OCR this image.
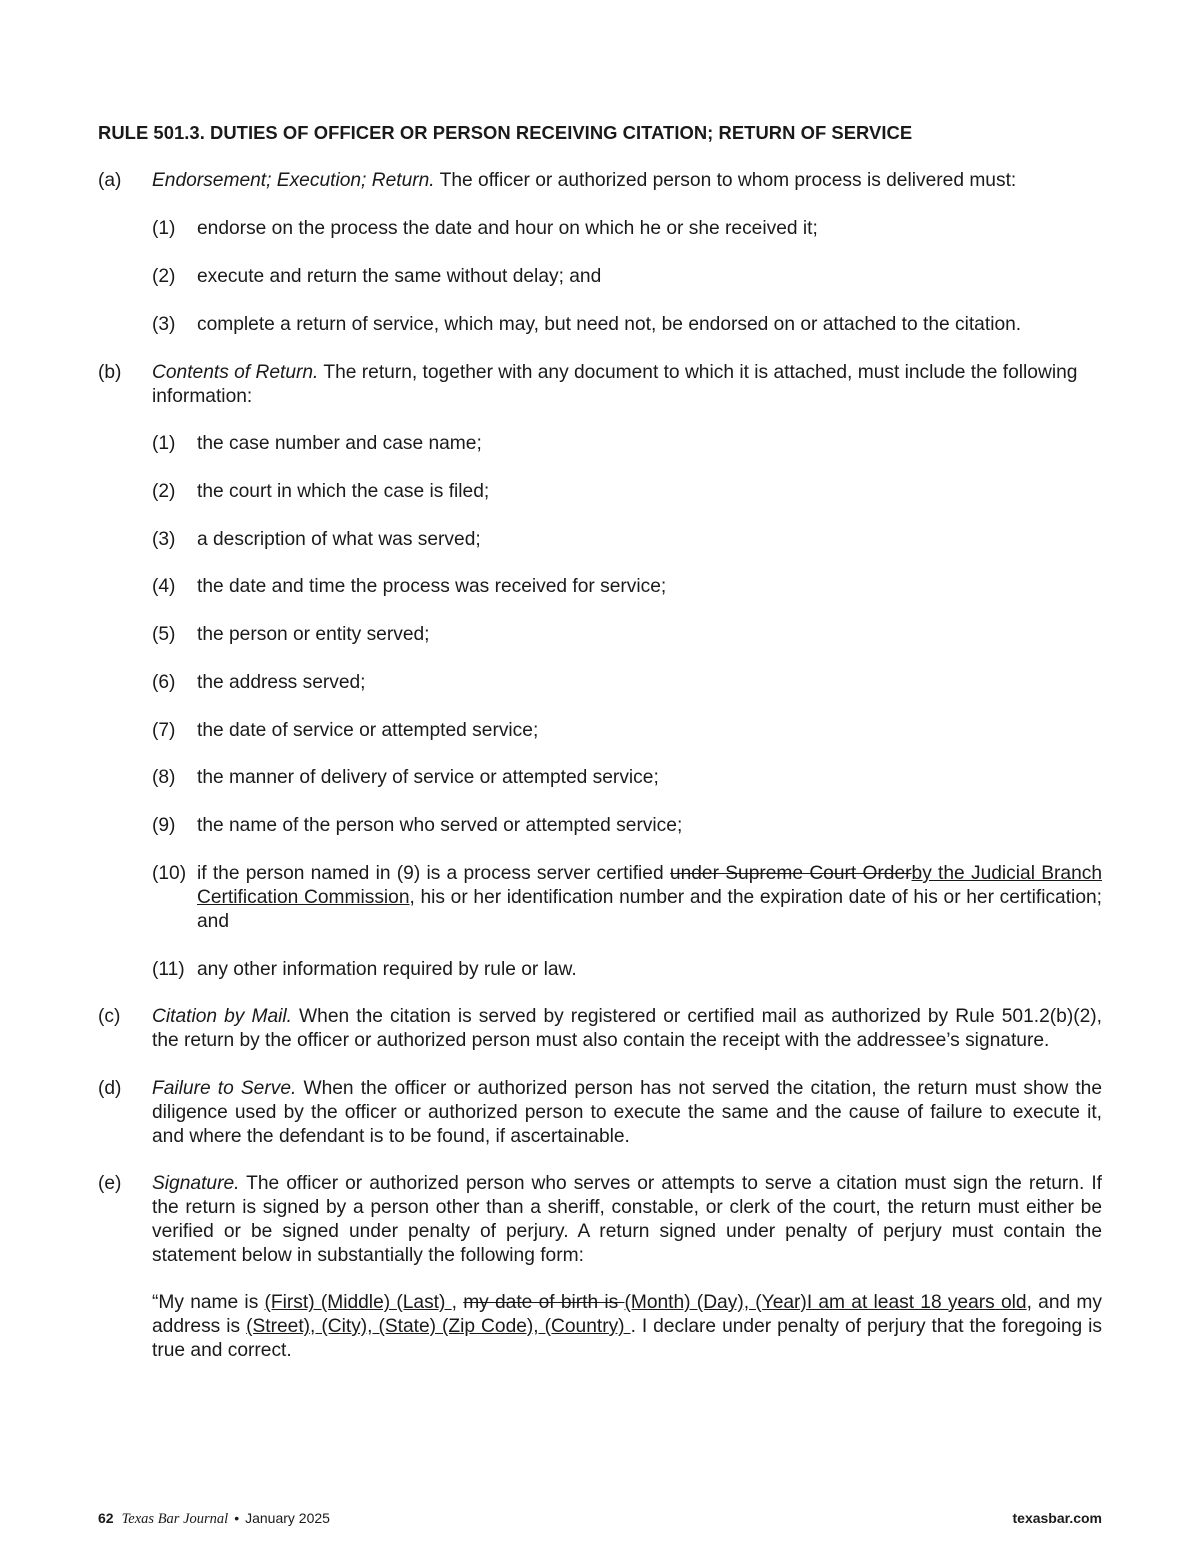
RULE 501.3. DUTIES OF OFFICER OR PERSON RECEIVING CITATION; RETURN OF SERVICE
(a) Endorsement; Execution; Return. The officer or authorized person to whom process is delivered must:
(1) endorse on the process the date and hour on which he or she received it;
(2) execute and return the same without delay; and
(3) complete a return of service, which may, but need not, be endorsed on or attached to the citation.
(b) Contents of Return. The return, together with any document to which it is attached, must include the following information:
(1) the case number and case name;
(2) the court in which the case is filed;
(3) a description of what was served;
(4) the date and time the process was received for service;
(5) the person or entity served;
(6) the address served;
(7) the date of service or attempted service;
(8) the manner of delivery of service or attempted service;
(9) the name of the person who served or attempted service;
(10) if the person named in (9) is a process server certified under Supreme Court Orderby the Judicial Branch Certification Commission, his or her identification number and the expiration date of his or her certification; and
(11) any other information required by rule or law.
(c) Citation by Mail. When the citation is served by registered or certified mail as authorized by Rule 501.2(b)(2), the return by the officer or authorized person must also contain the receipt with the addressee’s signature.
(d) Failure to Serve. When the officer or authorized person has not served the citation, the return must show the diligence used by the officer or authorized person to execute the same and the cause of failure to execute it, and where the defendant is to be found, if ascertainable.
(e) Signature. The officer or authorized person who serves or attempts to serve a citation must sign the return. If the return is signed by a person other than a sheriff, constable, or clerk of the court, the return must either be verified or be signed under penalty of perjury. A return signed under penalty of perjury must contain the statement below in substantially the following form:
“My name is (First) (Middle) (Last) , my date of birth is (Month) (Day), (Year)I am at least 18 years old, and my address is (Street), (City), (State) (Zip Code), (Country) . I declare under penalty of perjury that the foregoing is true and correct.
62 Texas Bar Journal • January 2025	texasbar.com
